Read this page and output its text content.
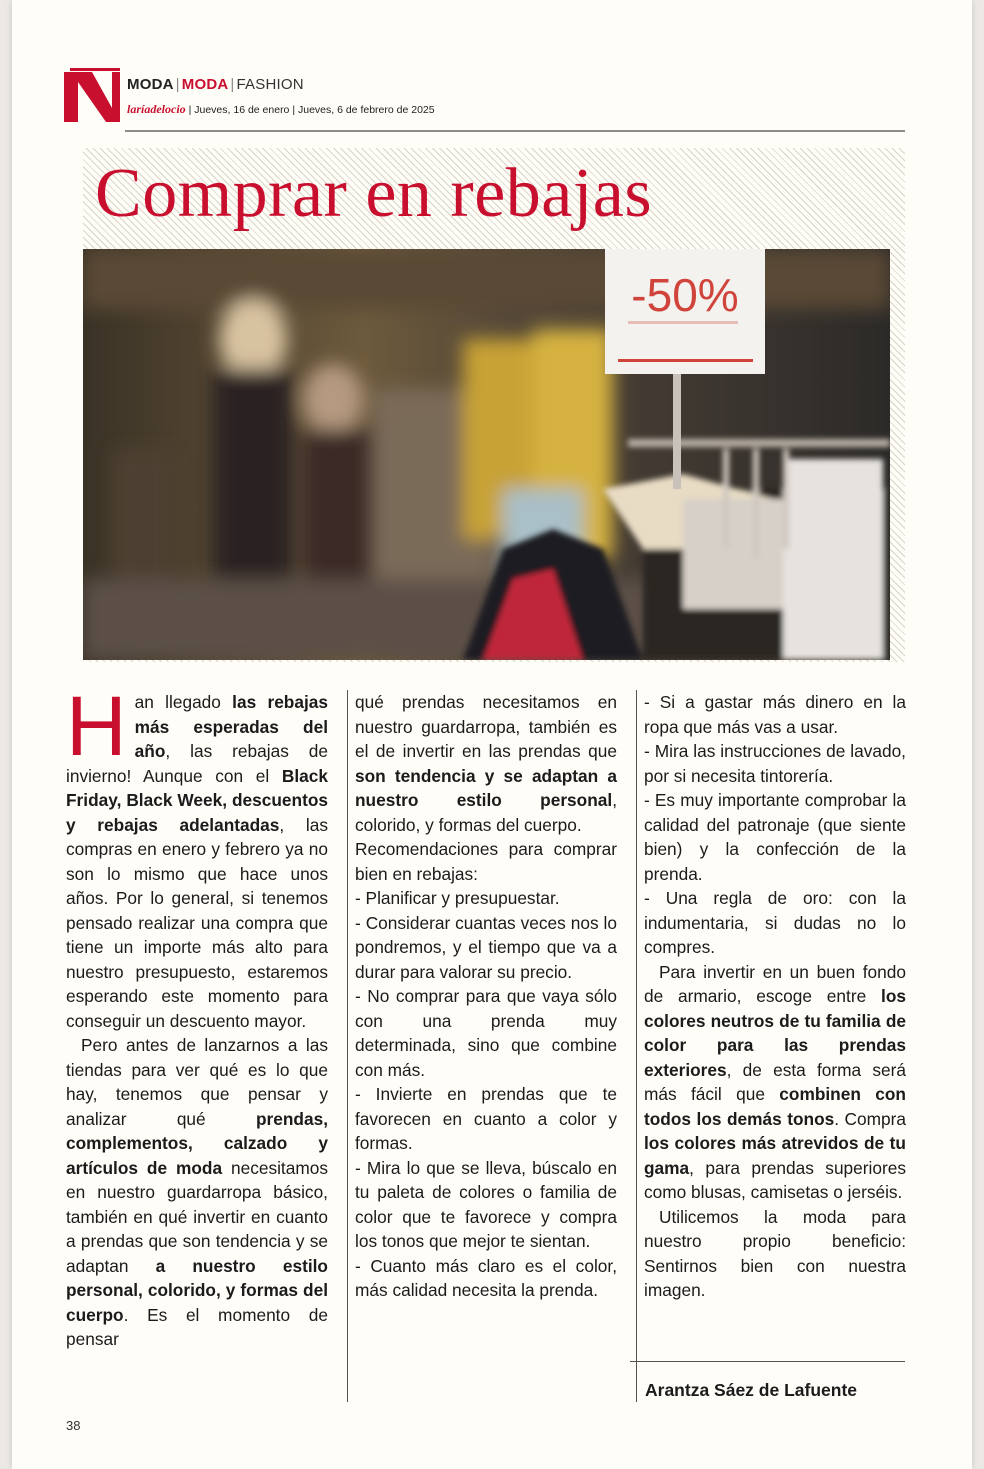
MODA | MODA | FASHION
laríadelocio | Jueves, 16 de enero | Jueves, 6 de febrero de 2025
Comprar en rebajas
-50%

Han llegado las rebajas más esperadas del año, las rebajas de invierno! Aunque con el Black Friday, Black Week, descuentos y rebajas adelantadas, las compras en enero y febrero ya no son lo mismo que hace unos años. Por lo general, si tenemos pensado realizar una compra que tiene un importe más alto para nuestro presupuesto, estaremos esperando este momento para conseguir un descuento mayor.

Pero antes de lanzarnos a las tiendas para ver qué es lo que hay, tenemos que pensar y analizar qué prendas, complementos, calzado y artículos de moda necesitamos en nuestro guardarropa básico, también en qué invertir en cuanto a prendas que son tendencia y se adaptan a nuestro estilo personal, colorido, y formas del cuerpo. Es el momento de pensar

qué prendas necesitamos en nuestro guardarropa, también es el de invertir en las prendas que son tendencia y se adaptan a nuestro estilo personal, colorido, y formas del cuerpo.

Recomendaciones para comprar bien en rebajas:

- Planificar y presupuestar.

- Considerar cuantas veces nos lo pondremos, y el tiempo que va a durar para valorar su precio.

- No comprar para que vaya sólo con una prenda muy determinada, sino que combine con más.

- Invierte en prendas que te favorecen en cuanto a color y formas.

- Mira lo que se lleva, búscalo en tu paleta de colores o familia de color que te favorece y compra los tonos que mejor te sientan.

- Cuanto más claro es el color, más calidad necesita la prenda.

- Si a gastar más dinero en la ropa que más vas a usar.

- Mira las instrucciones de lavado, por si necesita tintorería.

- Es muy importante comprobar la calidad del patronaje (que siente bien) y la confección de la prenda.

- Una regla de oro: con la indumentaria, si dudas no lo compres.

Para invertir en un buen fondo de armario, escoge entre los colores neutros de tu familia de color para las prendas exteriores, de esta forma será más fácil que combinen con todos los demás tonos. Compra los colores más atrevidos de tu gama, para prendas superiores como blusas, camisetas o jerséis.

Utilicemos la moda para nuestro propio beneficio: Sentirnos bien con nuestra imagen.

Arantza Sáez de Lafuente
38
